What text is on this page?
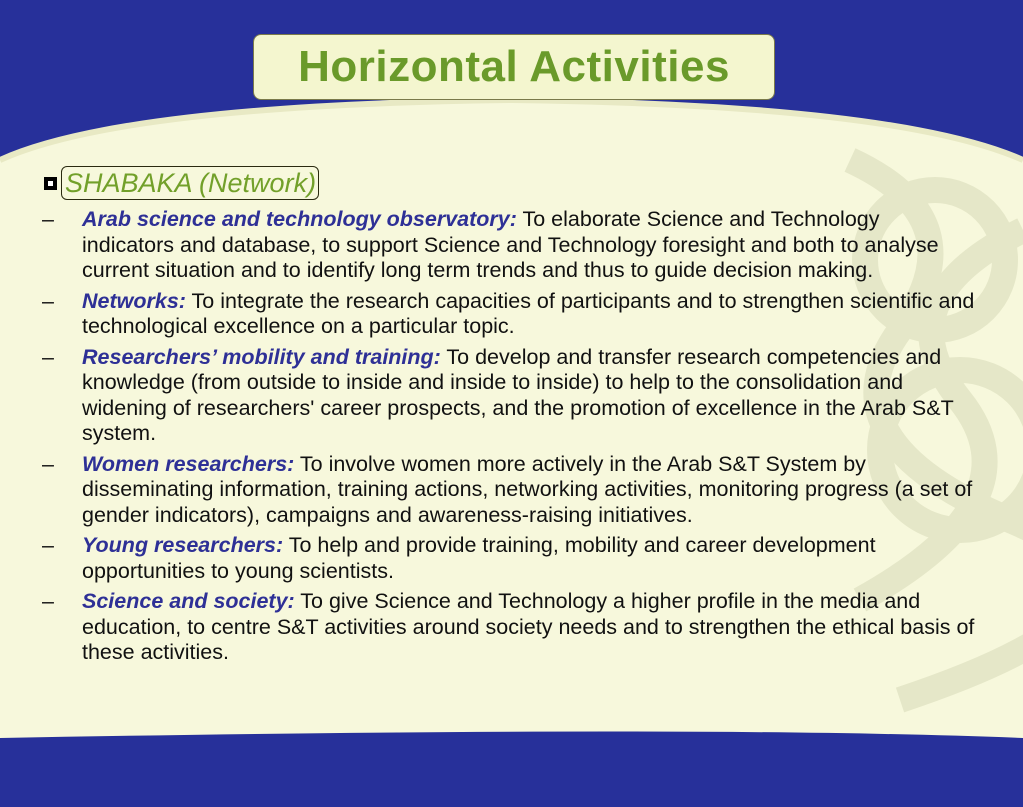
Horizontal Activities
SHABAKA (Network)
– Arab science and technology observatory: To elaborate Science and Technology indicators and database, to support Science and Technology foresight and both to analyse current situation and to identify long term trends and thus to guide decision making.
– Networks: To integrate the research capacities of participants and to strengthen scientific and technological excellence on a particular topic.
– Researchers’ mobility and training: To develop and transfer research competencies and knowledge (from outside to inside and inside to inside) to help to the consolidation and widening of researchers' career prospects, and the promotion of excellence in the Arab S&T system.
– Women researchers: To involve women more actively in the Arab S&T System by disseminating information, training actions, networking activities, monitoring progress (a set of gender indicators), campaigns and awareness-raising initiatives.
– Young researchers: To help and provide training, mobility and career development opportunities to young scientists.
– Science and society: To give Science and Technology a higher profile in the media and education, to centre S&T activities around society needs and to strengthen the ethical basis of these activities.
